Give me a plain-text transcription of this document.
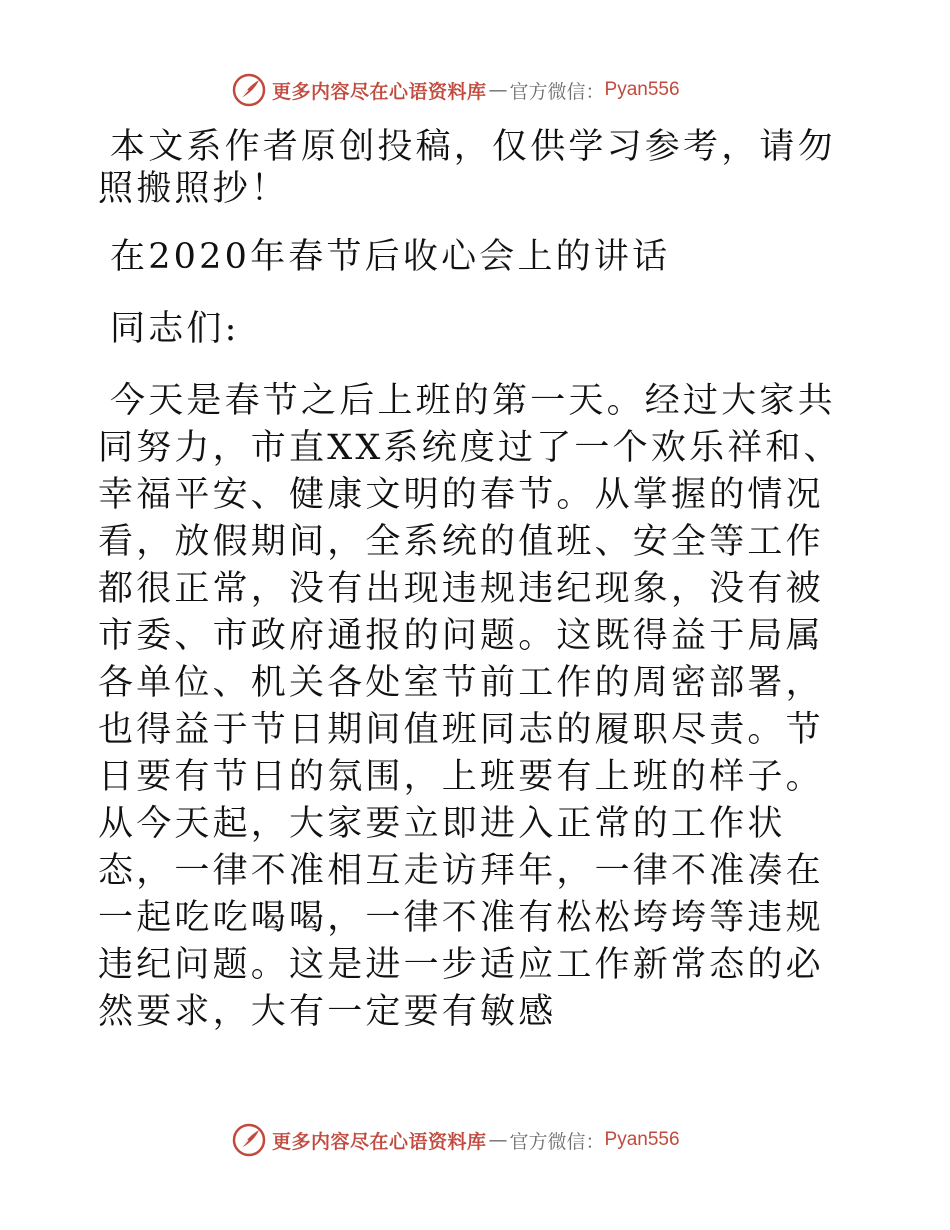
更多内容尽在心语资料库 — 官方微信： Pyan556

本文系作者原创投稿，仅供学习参考，请勿照搬照抄！

在2020年春节后收心会上的讲话

同志们:

今天是春节之后上班的第一天。经过大家共同努力，市直XX系统度过了一个欢乐祥和、幸福平安、健康文明的春节。从掌握的情况看，放假期间，全系统的值班、安全等工作都很正常，没有出现违规违纪现象，没有被市委、市政府通报的问题。这既得益于局属各单位、机关各处室节前工作的周密部署，也得益于节日期间值班同志的履职尽责。节日要有节日的氛围，上班要有上班的样子。从今天起，大家要立即进入正常的工作状态，一律不准相互走访拜年，一律不准凑在一起吃吃喝喝，一律不准有松松垮垮等违规违纪问题。这是进一步适应工作新常态的必然要求，大有一定要有敏感

更多内容尽在心语资料库 — 官方微信： Pyan556
